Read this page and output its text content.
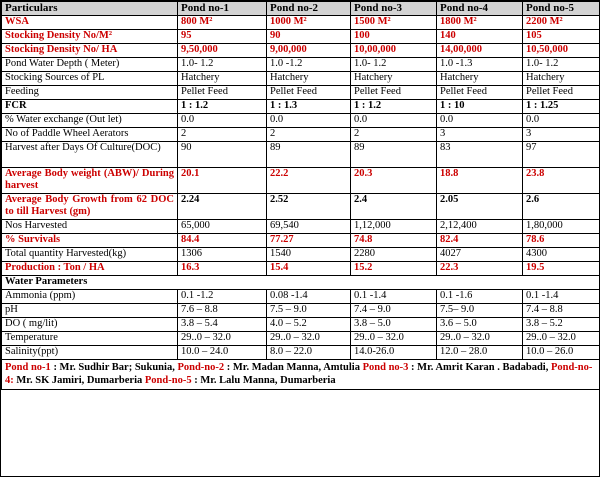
Particulars	Pond no-1	Pond no-2	Pond no-3	Pond no-4	Pond no-5
WSA	800 M²	1000 M²	1500 M²	1800 M²	2200 M²
Stocking Density No/M²	95	90	100	140	105
Stocking Density No/ HA	9,50,000	9,00,000	10,00,000	14,00,000	10,50,000
Pond Water Depth ( Meter)	1.0- 1.2	1.0 -1.2	1.0- 1.2	1.0 -1.3	1.0- 1.2
Stocking Sources of PL	Hatchery	Hatchery	Hatchery	Hatchery	Hatchery
Feeding	Pellet Feed	Pellet Feed	Pellet Feed	Pellet Feed	Pellet Feed
FCR	1 : 1.2	1 : 1.3	1 : 1.2	1 : 10	1 : 1.25
% Water exchange (Out let)	0.0	0.0	0.0	0.0	0.0
No of Paddle Wheel Aerators	2	2	2	3	3
Harvest after Days Of Culture(DOC)	90	89	89	83	97
Average Body weight (ABW)/ During harvest	20.1	22.2	20.3	18.8	23.8
Average Body Growth from 62 DOC to till Harvest (gm)	2.24	2.52	2.4	2.05	2.6
Nos Harvested	65,000	69,540	1,12,000	2,12,400	1,80,000
% Survivals	84.4	77.27	74.8	82.4	78.6
Total quantity Harvested(kg)	1306	1540	2280	4027	4300
Production : Ton / HA	16.3	15.4	15.2	22.3	19.5
Water Parameters					
Ammonia (ppm)	0.1 -1.2	0.08 -1.4	0.1 -1.4	0.1 -1.6	0.1 -1.4
pH	7.6 – 8.8	7.5 – 9.0	7.4 – 9.0	7.5– 9.0	7.4 – 8.8
DO ( mg/lit)	3.8 – 5.4	4.0 – 5.2	3.8 – 5.0	3.6 – 5.0	3.8 – 5.2
Temperature	29..0 – 32.0	29..0 – 32.0	29..0 – 32.0	29..0 – 32.0	29..0 – 32.0
Salinity(ppt)	10.0 – 24.0	8.0 – 22.0	14.0-26.0	12.0 – 28.0	10.0 – 26.0
Pond no-1 : Mr. Sudhir Bar; Sukunia, Pond-no-2 : Mr. Madan Manna, Amtulia Pond no-3 : Mr. Amrit Karan . Badabadi, Pond-no-4: Mr. SK Jamiri, Dumarberia Pond-no-5 : Mr. Lalu Manna, Dumarberia					
